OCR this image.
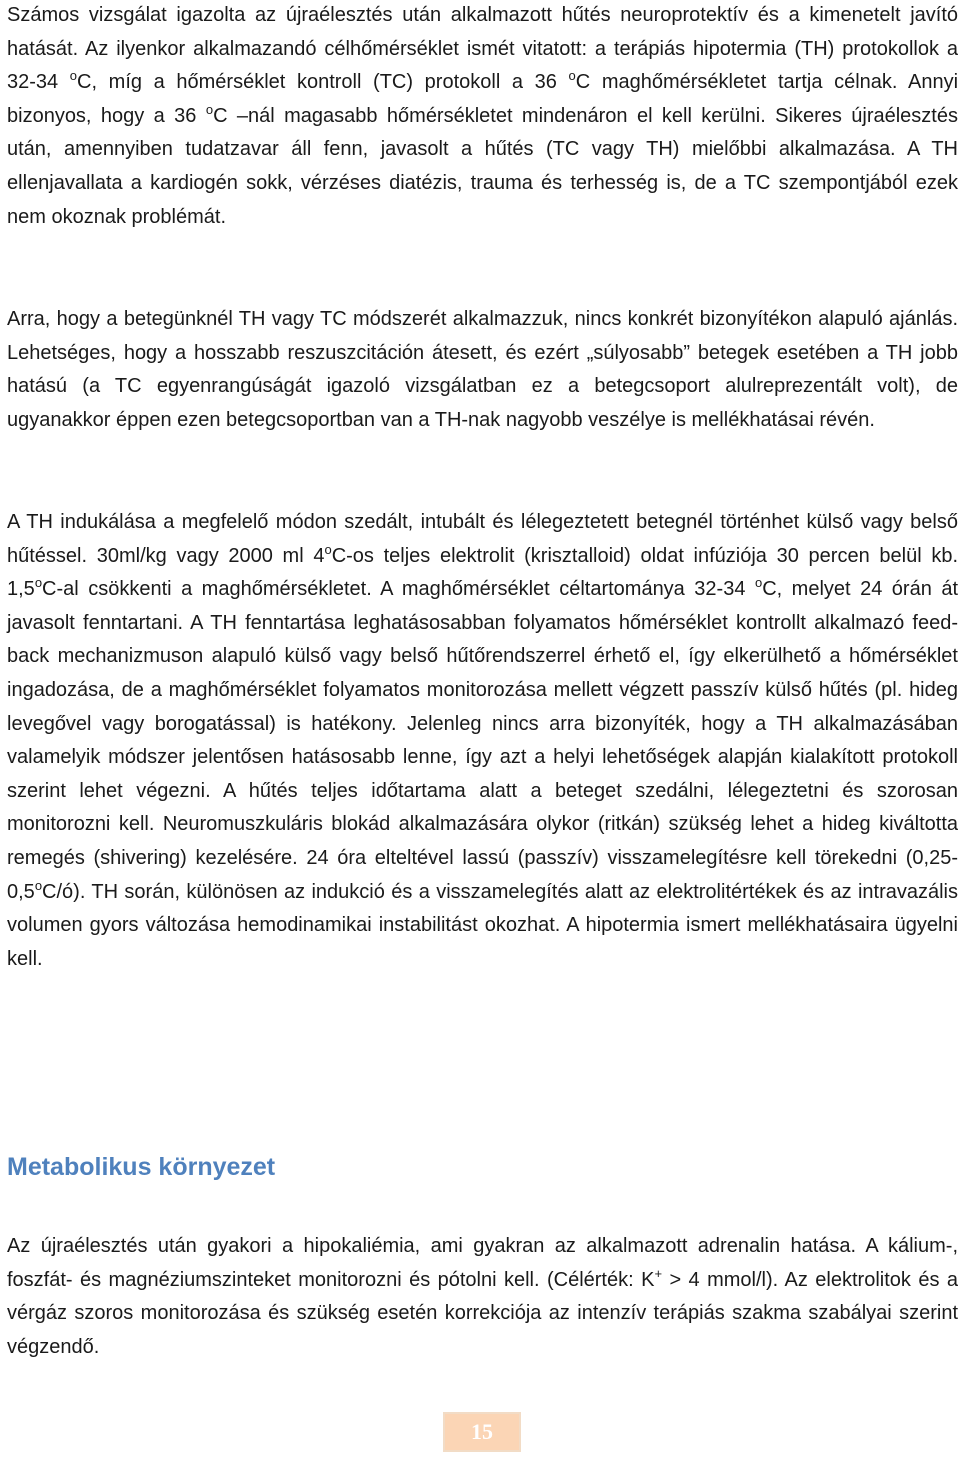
Számos vizsgálat igazolta az újraélesztés után alkalmazott hűtés neuroprotektív és a kimenetelt javító hatását. Az ilyenkor alkalmazandó célhőmérséklet ismét vitatott: a terápiás hipotermia (TH) protokollok a 32-34 $^o$C, míg a hőmérséklet kontroll (TC) protokoll a 36 $^o$C maghőmérsékletet tartja célnak. Annyi bizonyos, hogy a 36 $^o$C –nál magasabb hőmérsékletet mindenáron el kell kerülni. Sikeres újraélesztés után, amennyiben tudatzavar áll fenn, javasolt a hűtés (TC vagy TH) mielőbbi alkalmazása. A TH ellenjavallata a kardiogén sokk, vérzéses diatézis, trauma és terhesség is, de a TC szempontjából ezek nem okoznak problémát.

Arra, hogy a betegünknél TH vagy TC módszerét alkalmazzuk, nincs konkrét bizonyítékon alapuló ajánlás. Lehetséges, hogy a hosszabb reszuszcitáción átesett, és ezért „súlyosabb” betegek esetében a TH jobb hatású (a TC egyenrangúságát igazoló vizsgálatban ez a betegcsoport alulreprezentált volt), de ugyanakkor éppen ezen betegcsoportban van a TH-nak nagyobb veszélye is mellékhatásai révén.

A TH indukálása a megfelelő módon szedált, intubált és lélegeztetett betegnél történhet külső vagy belső hűtéssel. 30ml/kg vagy 2000 ml 4$^o$C-os teljes elektrolit (krisztalloid) oldat infúziója 30 percen belül kb. 1,5$^o$C-al csökkenti a maghőmérsékletet. A maghőmérséklet céltartománya 32-34 $^o$C, melyet 24 órán át javasolt fenntartani. A TH fenntartása leghatásosabban folyamatos hőmérséklet kontrollt alkalmazó feed-back mechanizmuson alapuló külső vagy belső hűtőrendszerrel érhető el, így elkerülhető a hőmérséklet ingadozása, de a maghőmérséklet folyamatos monitorozása mellett végzett passzív külső hűtés (pl. hideg levegővel vagy borogatással) is hatékony. Jelenleg nincs arra bizonyíték, hogy a TH alkalmazásában valamelyik módszer jelentősen hatásosabb lenne, így azt a helyi lehetőségek alapján kialakított protokoll szerint lehet végezni. A hűtés teljes időtartama alatt a beteget szedálni, lélegeztetni és szorosan monitorozni kell. Neuromuszkuláris blokád alkalmazására olykor (ritkán) szükség lehet a hideg kiváltotta remegés (shivering) kezelésére. 24 óra elteltével lassú (passzív) visszamelegítésre kell törekedni (0,25-0,5$^o$C/ó). TH során, különösen az indukció és a visszamelegítés alatt az elektrolitértékek és az intravazális volumen gyors változása hemodinamikai instabilitást okozhat. A hipotermia ismert mellékhatásaira ügyelni kell.

Metabolikus környezet

Az újraélesztés után gyakori a hipokaliémia, ami gyakran az alkalmazott adrenalin hatása. A kálium-, foszfát- és magnéziumszinteket monitorozni és pótolni kell. (Célérték: K+ > 4 mmol/l). Az elektrolitok és a vérgáz szoros monitorozása és szükség esetén korrekciója az intenzív terápiás szakma szabályai szerint végzendő.

15
